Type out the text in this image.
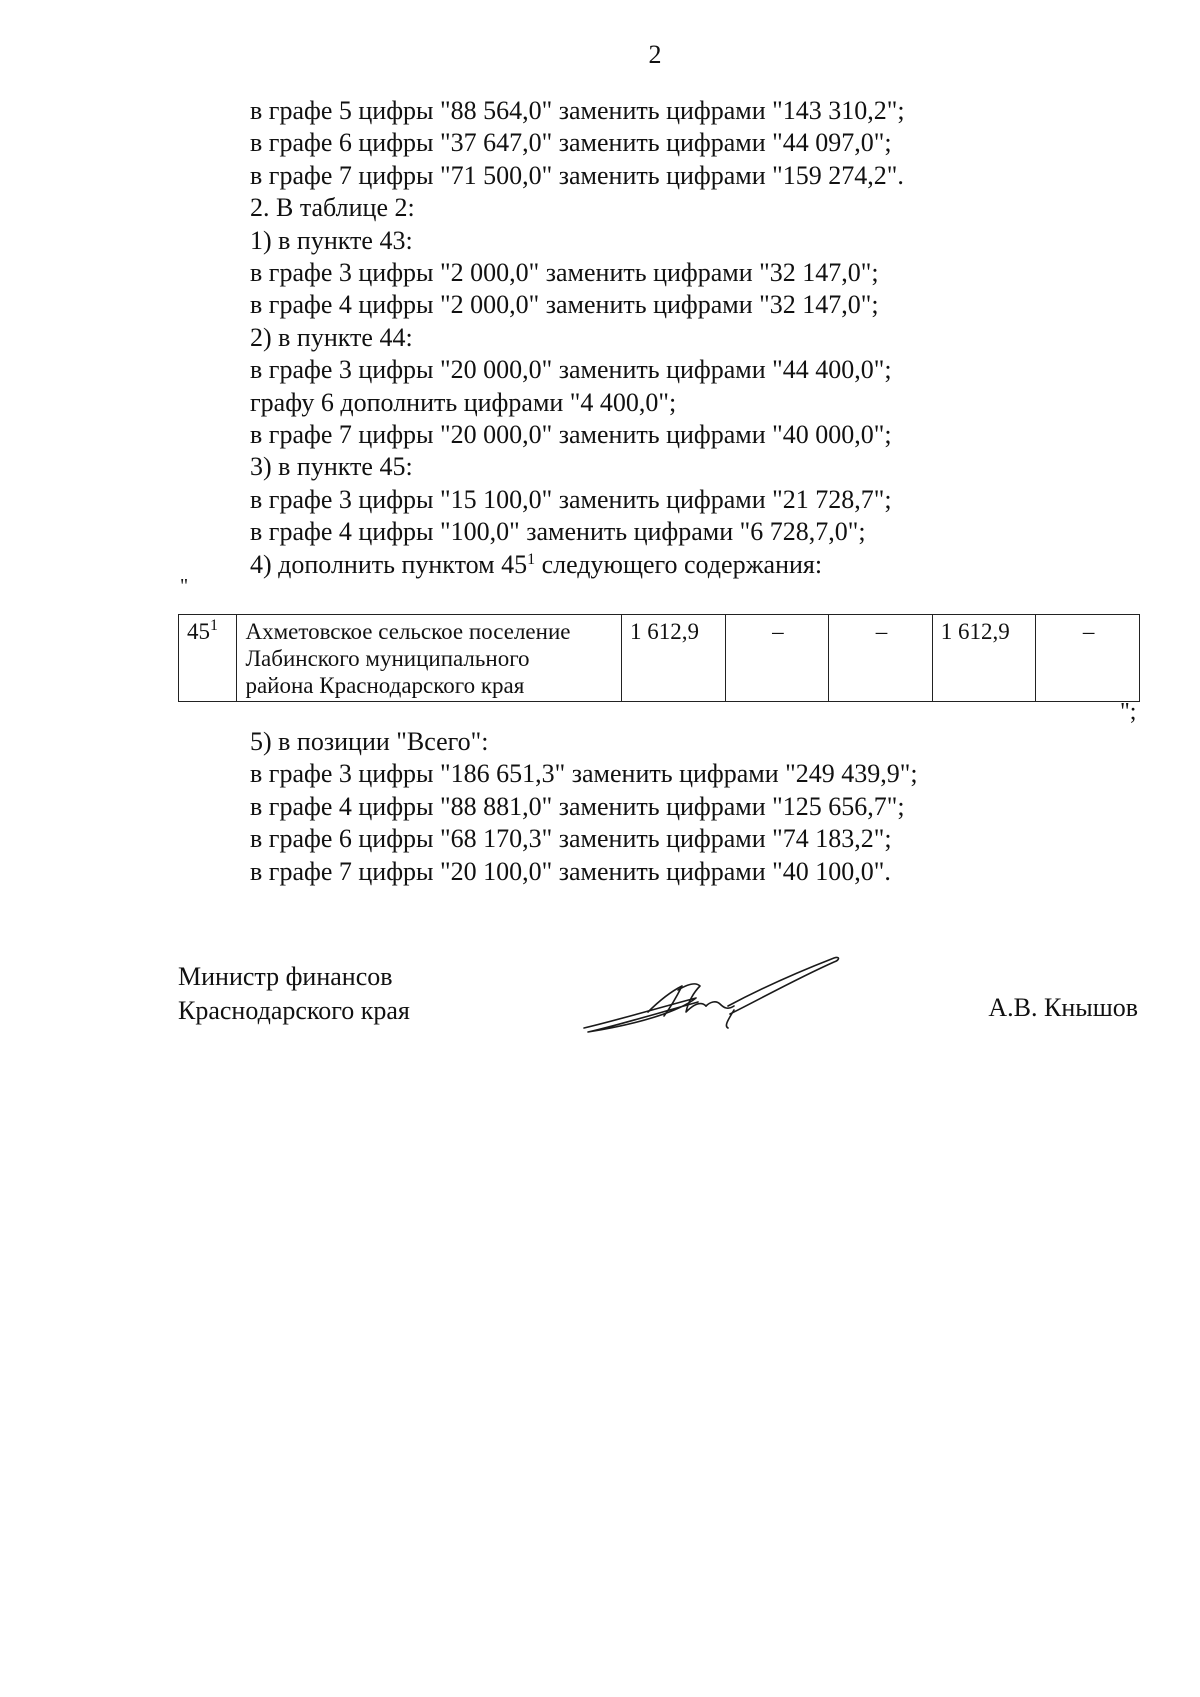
2
в графе 5 цифры "88 564,0" заменить цифрами "143 310,2";
в графе 6 цифры "37 647,0" заменить цифрами "44 097,0";
в графе 7 цифры "71 500,0" заменить цифрами "159 274,2".
2. В таблице 2:
1) в пункте 43:
в графе 3 цифры "2 000,0" заменить цифрами "32 147,0";
в графе 4 цифры "2 000,0" заменить цифрами "32 147,0";
2) в пункте 44:
в графе 3 цифры "20 000,0" заменить цифрами "44 400,0";
графу 6 дополнить цифрами "4 400,0";
в графе 7 цифры "20 000,0" заменить цифрами "40 000,0";
3) в пункте 45:
в графе 3 цифры "15 100,0" заменить цифрами "21 728,7";
в графе 4 цифры "100,0" заменить цифрами "6 728,7,0";
4) дополнить пунктом $45^1$ следующего содержания:
"
$45^1$	Ахметовское сельское поселение
Лабинского муниципального
района Краснодарского края
	1 612,9	–	–	1 612,9	–
";
5) в позиции "Всего":
в графе 3 цифры "186 651,3" заменить цифрами "249 439,9";
в графе 4 цифры "88 881,0" заменить цифрами "125 656,7";
в графе 6 цифры "68 170,3" заменить цифрами "74 183,2";
в графе 7 цифры "20 100,0" заменить цифрами "40 100,0".
Министр финансов
Краснодарского края	А.В. Кнышов
